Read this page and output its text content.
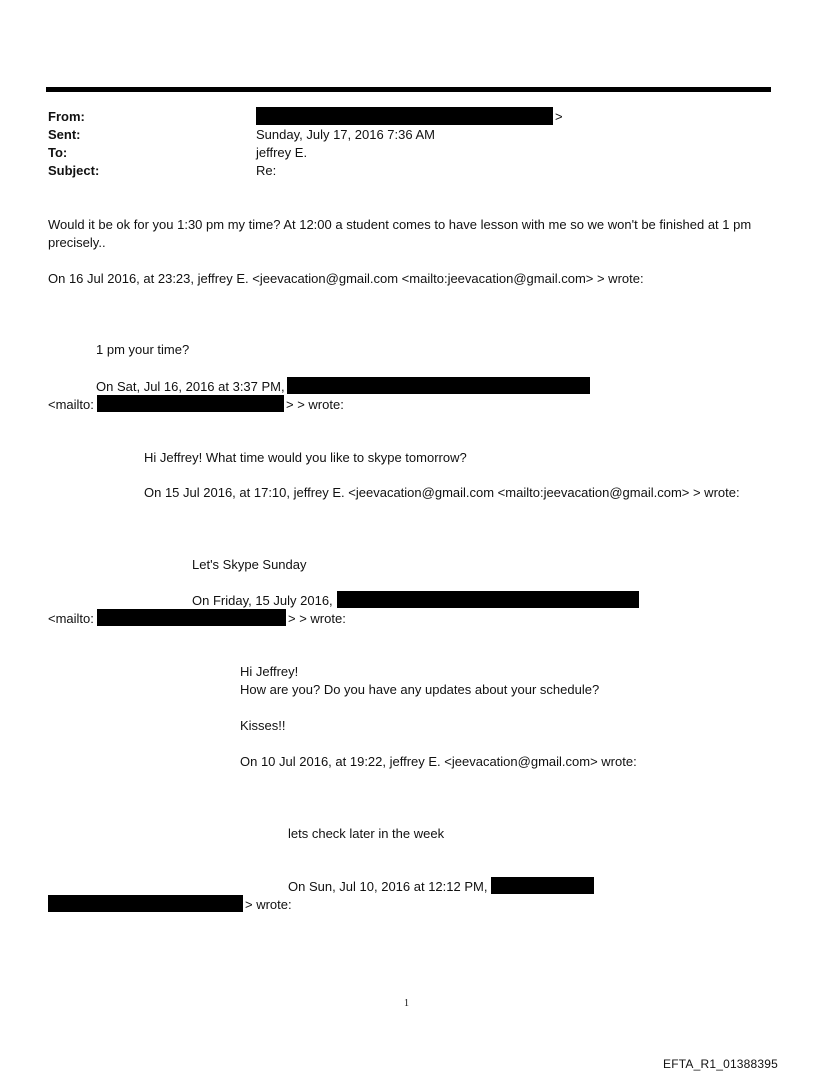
From:	>
Sent:	Sunday, July 17, 2016 7:36 AM
To:	jeffrey E.
Subject:	Re:
Would it be ok for you 1:30 pm my time? At 12:00 a student comes to have lesson with me so we won't be finished at 1 pm precisely..
On 16 Jul 2016, at 23:23, jeffrey E. <jeevacation@gmail.com <mailto:jeevacation@gmail.com> > wrote:
1 pm your time?
On Sat, Jul 16, 2016 at 3:37 PM,
<mailto:	> > wrote:
Hi Jeffrey! What time would you like to skype tomorrow?
On 15 Jul 2016, at 17:10, jeffrey E. <jeevacation@gmail.com <mailto:jeevacation@gmail.com> > wrote:
Let's Skype Sunday
On Friday, 15 July 2016,
<mailto:	> > wrote:
Hi Jeffrey!
How are you? Do you have any updates about your schedule?
Kisses!!
On 10 Jul 2016, at 19:22, jeffrey E. <jeevacation@gmail.com> wrote:
lets check later in the week
On Sun, Jul 10, 2016 at 12:12 PM,
> wrote:
1
EFTA_R1_01388395
